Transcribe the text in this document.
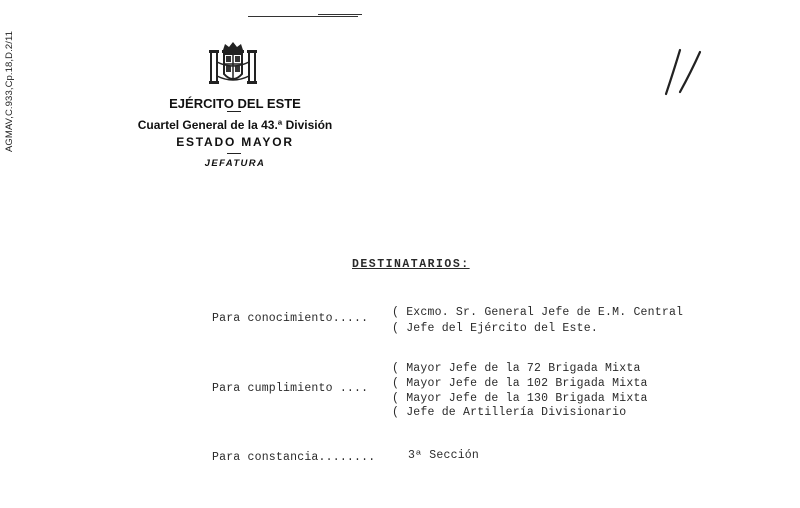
AGMAV,C.933,Cp.18,D.2/11	EJÉRCITO DEL ESTE
Cuartel General de la 43.ª División
ESTADO MAYOR
JEFATURA
DESTINATARIOS:
Para conocimiento..... ( Excmo. Sr. General Jefe de E.M. Central
( Jefe del Ejército del Este.
Para cumplimiento ....
( Mayor Jefe de la 72 Brigada Mixta
( Mayor Jefe de la 102 Brigada Mixta
( Mayor Jefe de la 130 Brigada Mixta
( Jefe de Artillería Divisionario
Para constancia........	3ª Sección
